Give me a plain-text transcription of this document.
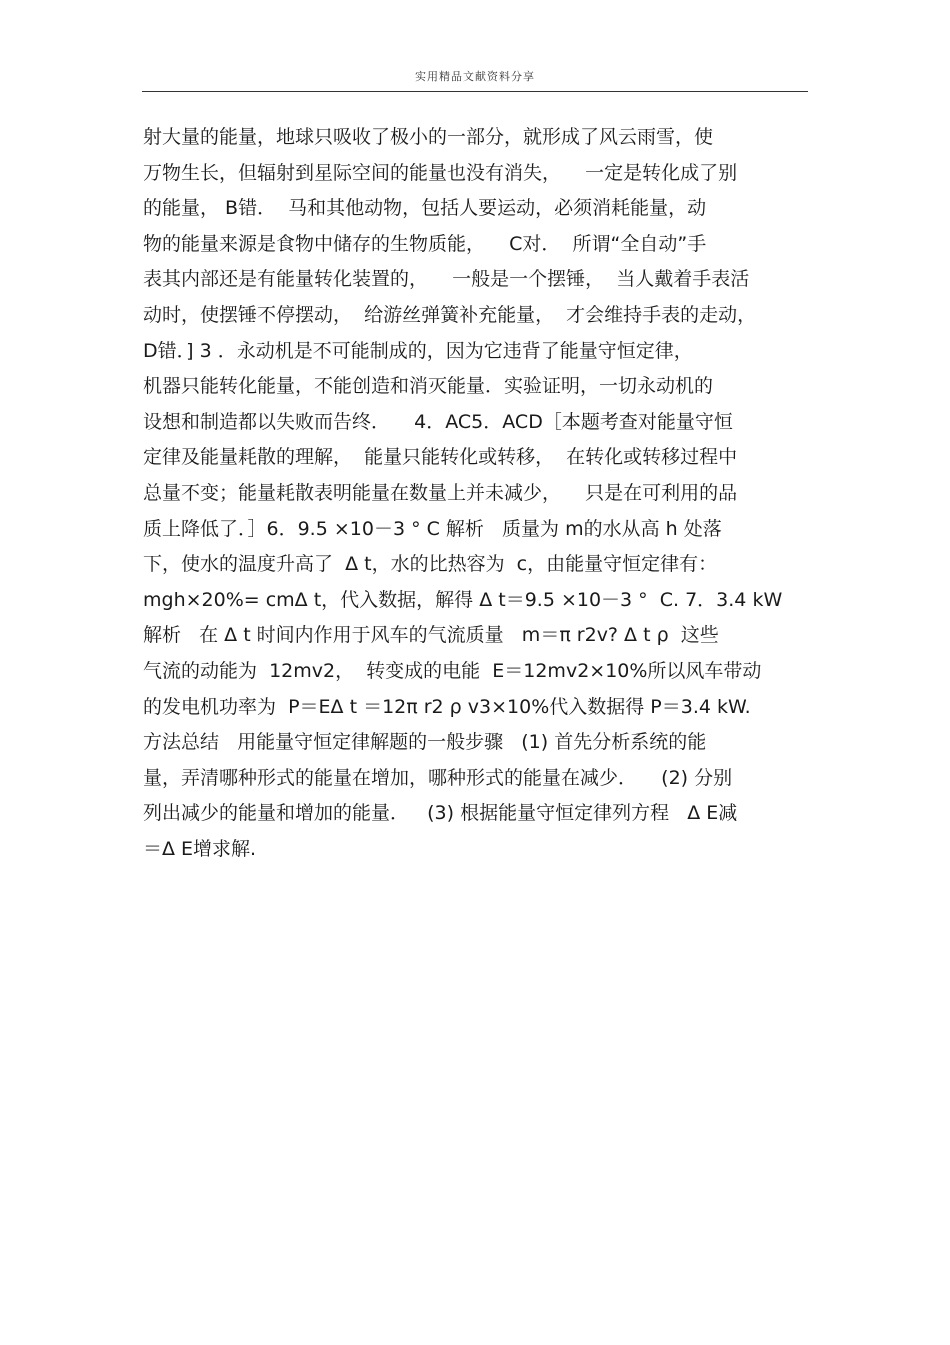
实用精品文献资料分享
射大量的能量，地球只吸收了极小的一部分，就形成了风云雨雪，使
万物生长，但辐射到星际空间的能量也没有消失，    一定是转化成了别
的能量， B错．  马和其他动物，包括人要运动，必须消耗能量，动
物的能量来源是食物中储存的生物质能，    C对．  所谓“全自动”手
表其内部还是有能量转化装置的，    一般是一个摆锤，  当人戴着手表活
动时，使摆锤不停摆动，  给游丝弹簧补充能量，  才会维持手表的走动，
D错．] 3 ．永动机是不可能制成的，因为它违背了能量守恒定律，
机器只能转化能量，不能创造和消灭能量．实验证明，一切永动机的
设想和制造都以失败而告终．    4．AC5．ACD［本题考查对能量守恒
定律及能量耗散的理解，  能量只能转化或转移，  在转化或转移过程中
总量不变；能量耗散表明能量在数量上并未减少，    只是在可利用的品
质上降低了．］6．9.5 ×10－3 ° C 解析   质量为 m的水从高 h 处落
下，使水的温度升高了  Δ t，水的比热容为  c，由能量守恒定律有：
mgh×20%= cmΔ t，代入数据，解得 Δ t＝9.5 ×10－3 °  C. 7．3.4 kW
解析   在 Δ t 时间内作用于风车的气流质量   m＝π r2v? Δ t ρ  这些
气流的动能为  12mv2，  转变成的电能  E＝12mv2×10%所以风车带动
的发电机功率为  P＝EΔ t ＝12π r2 ρ v3×10%代入数据得 P＝3.4 kW.
方法总结   用能量守恒定律解题的一般步骤   (1) 首先分析系统的能
量，弄清哪种形式的能量在增加，哪种形式的能量在减少．    (2) 分别
列出减少的能量和增加的能量．   (3) 根据能量守恒定律列方程   Δ E减
＝Δ E增求解.
